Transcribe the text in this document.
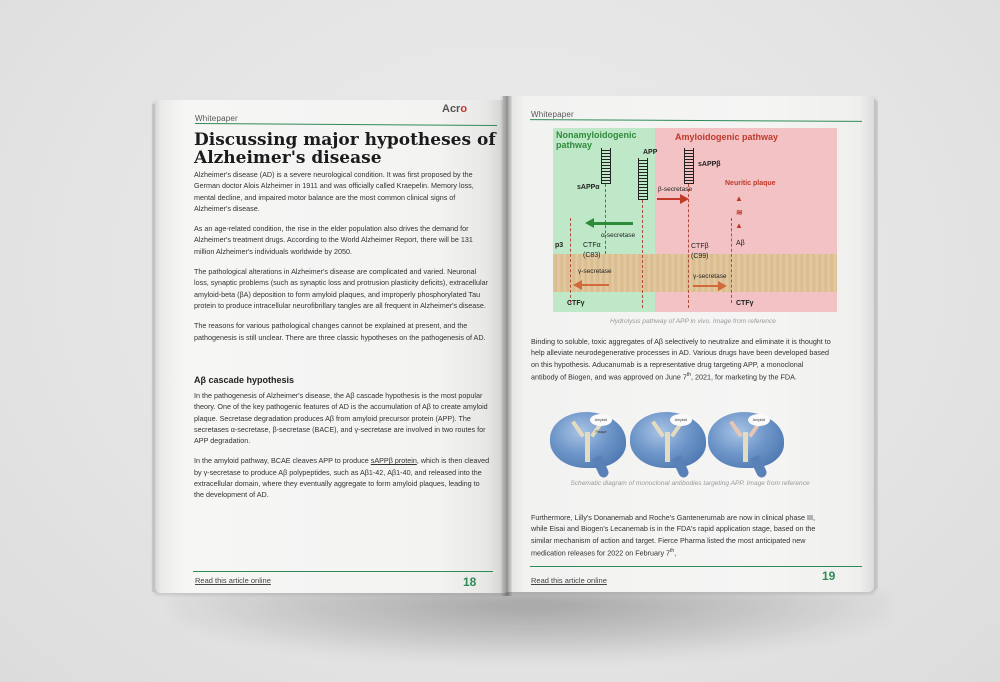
Whitepaper
Acro
Discussing major hypotheses of
Alzheimer's disease

Alzheimer's disease (AD) is a severe neurological condition. It was first proposed by the German doctor Alois Alzheimer in 1911 and was officially called Kraepelin. Memory loss, mental decline, and impaired motor balance are the most common clinical signs of Alzheimer's disease.

As an age-related condition, the rise in the elder population also drives the demand for Alzheimer's treatment drugs. According to the World Alzheimer Report, there will be 131 million Alzheimer's individuals worldwide by 2050.

The pathological alterations in Alzheimer's disease are complicated and varied. Neuronal loss, synaptic problems (such as synaptic loss and protrusion plasticity deficits), extracellular amyloid-beta (βA) deposition to form amyloid plaques, and improperly phosphorylated Tau protein to produce intracellular neurofibrillary tangles are all frequent in Alzheimer's disease.

The reasons for various pathological changes cannot be explained at present, and the pathogenesis is still unclear. There are three classic hypotheses on the pathogenesis of AD.

Aβ cascade hypothesis

In the pathogenesis of Alzheimer's disease, the Aβ cascade hypothesis is the most popular theory. One of the key pathogenic features of AD is the accumulation of Aβ to create amyloid plaque. Secretase degradation produces Aβ from amyloid precursor protein (APP). The secretases α-secretase, β-secretase (BACE), and γ-secretase are involved in two routes for APP degradation.

In the amyloid pathway, BCAE cleaves APP to produce sAPPβ protein, which is then cleaved by γ-secretase to produce Aβ polypeptides, such as Aβ1-42, Aβ1-40, and released into the extracellular domain, where they eventually aggregate to form amyloid plaques, leading to the development of AD.

Read this article online	18
Whitepaper
Nonamyloidogenic
pathway
Amyloidogenic pathway
APP
sAPPα
sAPPβ
β-secretase
Neuritic plaque
▲
≋
▲
α-secretase
p3	CTFα
(C83)
CTFβ
(C99)
Aβ
γ-secretase
γ-secretase
CTFγ	CTFγ
Hydrolysis pathway of APP in vivo. Image from reference

Binding to soluble, toxic aggregates of Aβ selectively to neutralize and eliminate it is thought to help alleviate neurodegenerative processes in AD. Various drugs have been developed based on this hypothesis. Aducanumab is a representative drug targeting APP, a monoclonal antibody of Biogen, and was approved on June 7th, 2021, for marketing by the FDA.

Amyloid Plaque
Amyloid	Amyloid
Schematic diagram of monoclonal antibodies targeting APP. Image from reference

Furthermore, Lilly's Donanemab and Roche's Gantenerumab are now in clinical phase III, while Eisai and Biogen's Lecanemab is in the FDA's rapid application stage, based on the similar mechanism of action and target. Fierce Pharma listed the most anticipated new medication releases for 2022 on February 7th,

Read this article online	19
